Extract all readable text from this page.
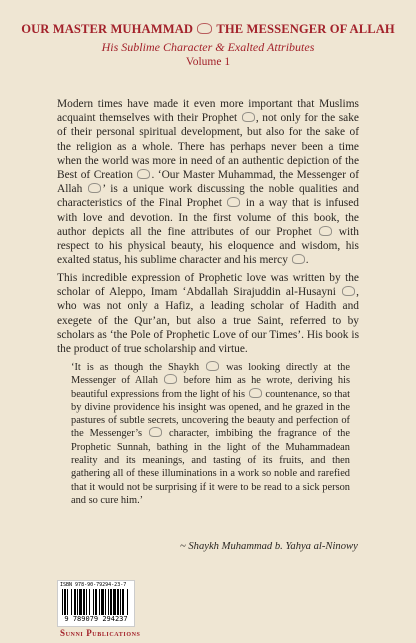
OUR MASTER MUHAMMAD THE MESSENGER OF ALLAH
His Sublime Character & Exalted Attributes
Volume 1
Modern times have made it even more important that Muslims acquaint themselves with their Prophet , not only for the sake of their personal spiritual development, but also for the sake of the religion as a whole. There has perhaps never been a time when the world was more in need of an authentic depiction of the Best of Creation . ‘Our Master Muhammad, the Messenger of Allah ’ is a unique work discussing the noble qualities and characteristics of the Final Prophet in a way that is infused with love and devotion. In the first volume of this book, the author depicts all the fine attributes of our Prophet with respect to his physical beauty, his eloquence and wisdom, his exalted status, his sublime character and his mercy .
This incredible expression of Prophetic love was written by the scholar of Aleppo, Imam ‘Abdallah Sirajuddin al-Husayni , who was not only a Hafiz, a leading scholar of Hadith and exegete of the Qur’an, but also a true Saint, referred to by scholars as ‘the Pole of Prophetic Love of our Times’. His book is the product of true scholarship and virtue.
‘It is as though the Shaykh	was looking directly at the Messenger of Allah before him as he wrote, deriving his beautiful expressions from the light of his countenance, so that by divine providence his insight was opened, and he grazed in the pastures of subtle secrets, uncovering the beauty and perfection of the Messenger’s	character, imbibing the fragrance of the Prophetic Sunnah, bathing in the light of the Muhammadean reality and its meanings, and tasting of its fruits, and then gathering all of these illuminations in a work so noble and rarefied that it would not be surprising if it were to be read to a sick person and so cure him.’
~ Shaykh Muhammad b. Yahya al-Ninowy
ISBN 978-90-79294-23-7
9 789079 294237
Sunni Publications
